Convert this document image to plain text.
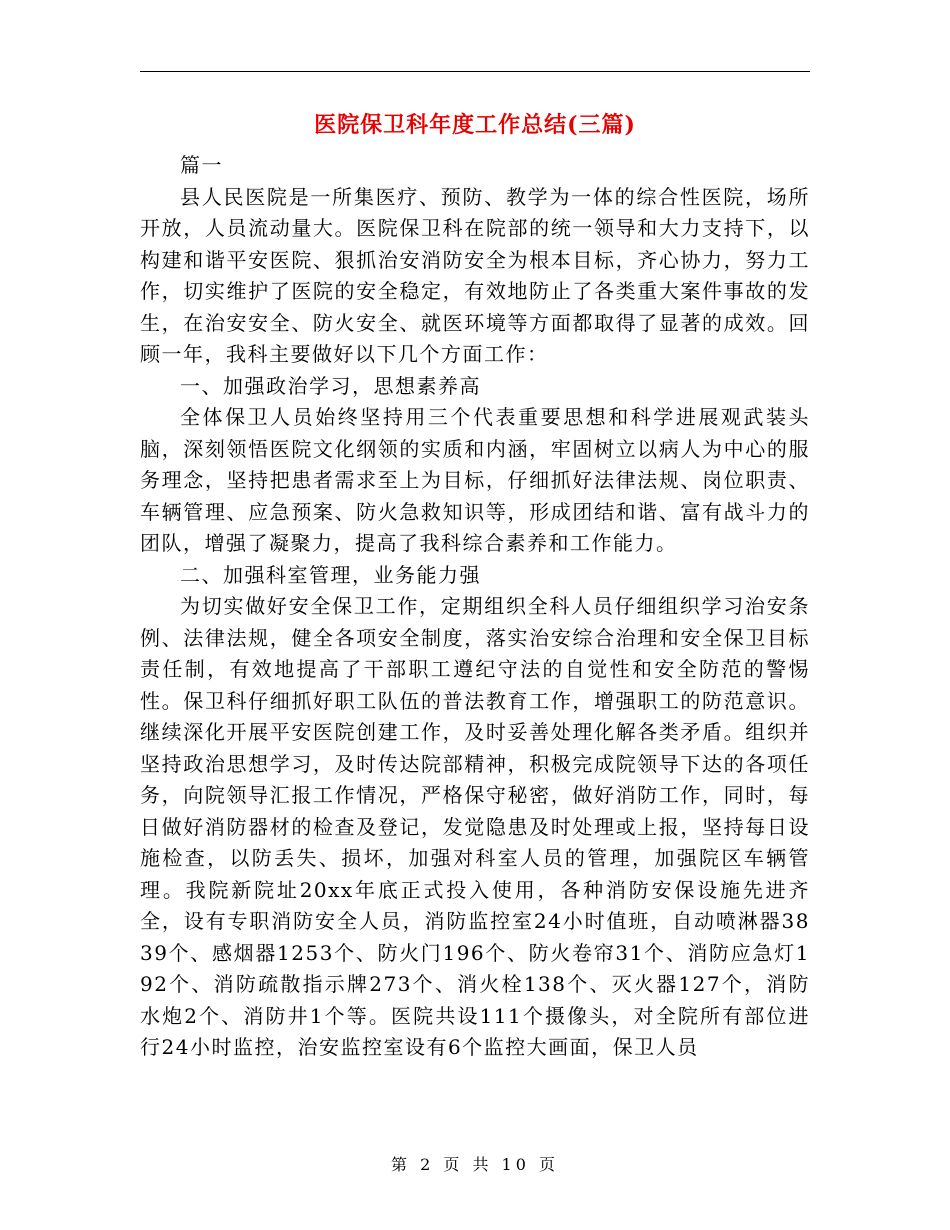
医院保卫科年度工作总结(三篇)

篇一

县人民医院是一所集医疗、预防、教学为一体的综合性医院，场所开放，人员流动量大。医院保卫科在院部的统一领导和大力支持下，以构建和谐平安医院、狠抓治安消防安全为根本目标，齐心协力，努力工作，切实维护了医院的安全稳定，有效地防止了各类重大案件事故的发生，在治安安全、防火安全、就医环境等方面都取得了显著的成效。回顾一年，我科主要做好以下几个方面工作：

一、加强政治学习，思想素养高

全体保卫人员始终坚持用三个代表重要思想和科学进展观武装头脑，深刻领悟医院文化纲领的实质和内涵，牢固树立以病人为中心的服务理念，坚持把患者需求至上为目标，仔细抓好法律法规、岗位职责、车辆管理、应急预案、防火急救知识等，形成团结和谐、富有战斗力的团队，增强了凝聚力，提高了我科综合素养和工作能力。

二、加强科室管理，业务能力强

为切实做好安全保卫工作，定期组织全科人员仔细组织学习治安条例、法律法规，健全各项安全制度，落实治安综合治理和安全保卫目标责任制，有效地提高了干部职工遵纪守法的自觉性和安全防范的警惕性。保卫科仔细抓好职工队伍的普法教育工作，增强职工的防范意识。继续深化开展平安医院创建工作，及时妥善处理化解各类矛盾。组织并坚持政治思想学习，及时传达院部精神，积极完成院领导下达的各项任务，向院领导汇报工作情况，严格保守秘密，做好消防工作，同时，每日做好消防器材的检查及登记，发觉隐患及时处理或上报，坚持每日设施检查，以防丢失、损坏，加强对科室人员的管理，加强院区车辆管理。我院新院址20xx年底正式投入使用，各种消防安保设施先进齐全，设有专职消防安全人员，消防监控室24小时值班，自动喷淋器3839个、感烟器1253个、防火门196个、防火卷帘31个、消防应急灯192个、消防疏散指示牌273个、消火栓138个、灭火器127个，消防水炮2个、消防井1个等。医院共设111个摄像头，对全院所有部位进行24小时监控，治安监控室设有6个监控大画面，保卫人员

第 2 页 共 10 页
